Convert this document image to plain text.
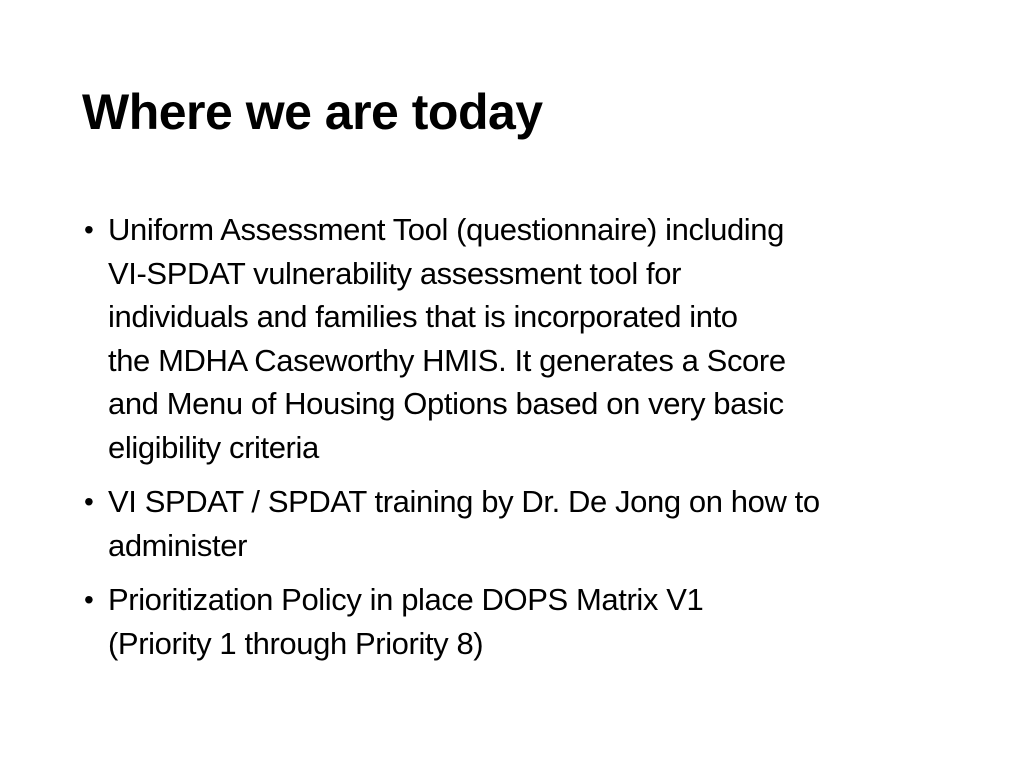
Where we are today
• Uniform Assessment Tool (questionnaire) including
VI-SPDAT vulnerability assessment tool for
individuals and families that is incorporated into
the MDHA Caseworthy HMIS. It generates a Score
and Menu of Housing Options based on very basic
eligibility criteria
• VI SPDAT / SPDAT training by Dr. De Jong on how to
administer
• Prioritization Policy in place DOPS Matrix V1
(Priority 1 through Priority 8)
